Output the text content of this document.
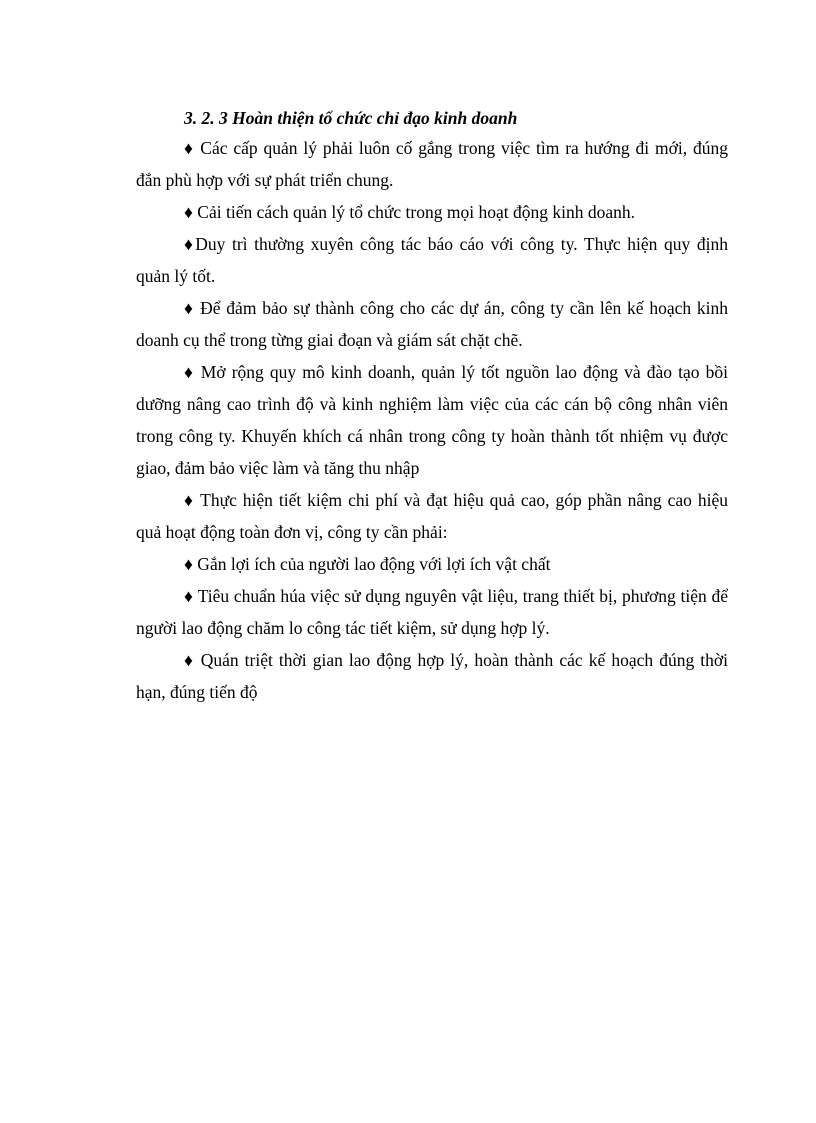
3. 2. 3 Hoàn thiện tổ chức chỉ đạo kinh doanh

♦ Các cấp quản lý phải luôn cố gắng trong việc tìm ra hướng đi mới, đúng đắn phù hợp với sự phát triển chung.

♦ Cải tiến cách quản lý tổ chức trong mọi hoạt động kinh doanh.

♦Duy trì thường xuyên công tác báo cáo với công ty. Thực hiện quy định quản lý tốt.

♦ Để đảm bảo sự thành công cho các dự án, công ty cần lên kế hoạch kinh doanh cụ thể trong từng giai đoạn và giám sát chặt chẽ.

♦ Mở rộng quy mô kinh doanh, quản lý tốt nguồn lao động và đào tạo bồi dưỡng nâng cao trình độ và kinh nghiệm làm việc của các cán bộ công nhân viên trong công ty. Khuyến khích cá nhân trong công ty hoàn thành tốt nhiệm vụ được giao, đảm bảo việc làm và tăng thu nhập

♦ Thực hiện tiết kiệm chi phí và đạt hiệu quả cao, góp phần nâng cao hiệu quả hoạt động toàn đơn vị, công ty cần phải:

♦ Gắn lợi ích của người lao động với lợi ích vật chất

♦ Tiêu chuẩn húa việc sử dụng nguyên vật liệu, trang thiết bị, phương tiện để người lao động chăm lo công tác tiết kiệm, sử dụng hợp lý.

♦ Quán triệt thời gian lao động hợp lý, hoàn thành các kế hoạch đúng thời hạn, đúng tiến độ
